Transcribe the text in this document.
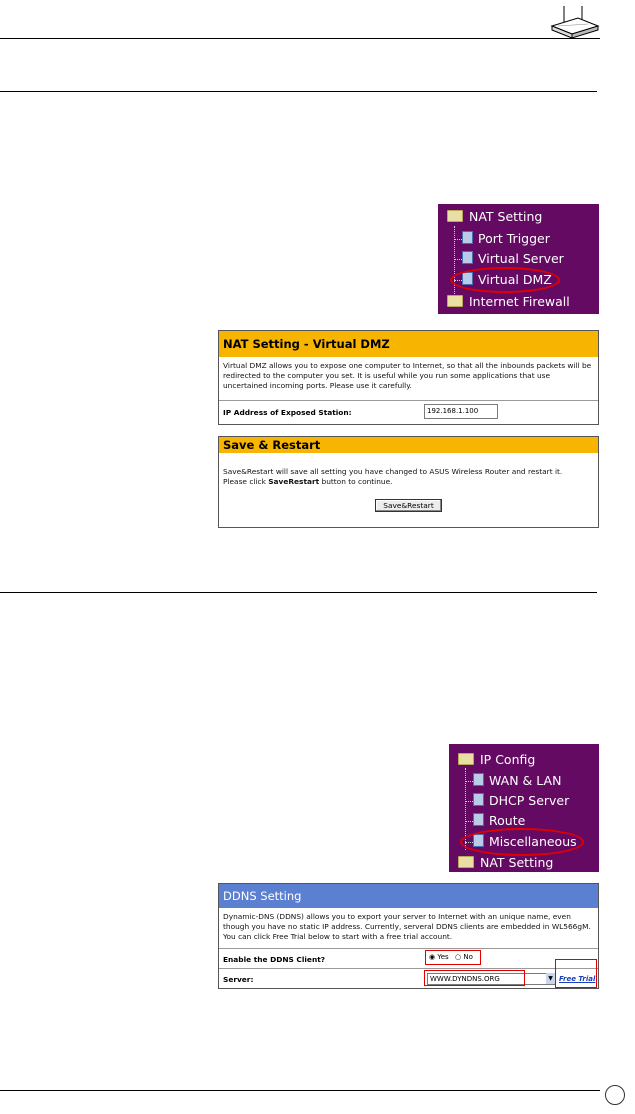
NAT Setting
Port Trigger
Virtual Server
Virtual DMZ
Internet Firewall
NAT Setting - Virtual DMZ
Virtual DMZ allows you to expose one computer to Internet, so that all the inbounds packets will be redirected to the computer you set. It is useful while you run some applications that use uncertained incoming ports. Please use it carefully.
IP Address of Exposed Station:	192.168.1.100
Save & Restart
Save&Restart will save all setting you have changed to ASUS Wireless Router and restart it.
Please click SaveRestart button to continue.
Save&Restart
IP Config
WAN & LAN
DHCP Server
Route
Miscellaneous
NAT Setting
DDNS Setting
Dynamic-DNS (DDNS) allows you to export your server to Internet with an unique name, even though you have no static IP address. Currently, serveral DDNS clients are embedded in WL566gM. You can click Free Trial below to start with a free trial account.
Enable the DDNS Client?	◉ Yes ○ No
Server:	WWW.DYNDNS.ORG	▼ Free Trial
